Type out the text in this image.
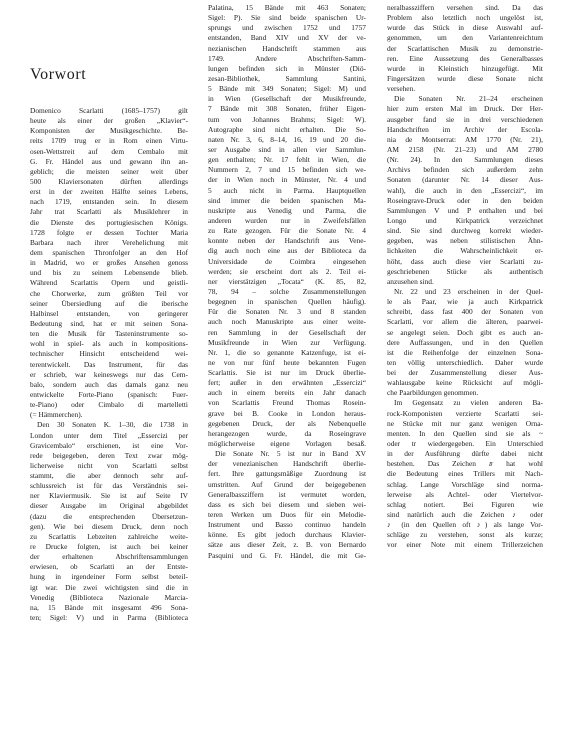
Vorwort
Domenico Scarlatti (1685–1757) gilt
heute als einer der großen „Klavier“-
Komponisten der Musikgeschichte. Be-
reits 1709 trug er in Rom einen Virtu-
osen-Wettstreit auf dem Cembalo mit
G. Fr. Händel aus und gewann ihn an-
geblich; die meisten seiner weit über
500 Klaviersonaten dürften allerdings
erst in der zweiten Hälfte seines Lebens,
nach 1719, entstanden sein. In diesem
Jahr trat Scarlatti als Musiklehrer in
die Dienste des portugiesischen Königs.
1728 folgte er dessen Tochter Maria
Barbara nach ihrer Verehelichung mit
dem spanischen Thronfolger an den Hof
in Madrid, wo er großes Ansehen genoss
und bis zu seinem Lebensende blieb.
Während Scarlattis Opern und geistli-
che Chorwerke, zum größten Teil vor
seiner Übersiedlung auf die iberische
Halbinsel entstanden, von geringerer
Bedeutung sind, hat er mit seinen Sona-
ten die Musik für Tasteninstrumente so-
wohl in spiel- als auch in kompositions-
technischer Hinsicht entscheidend wei-
terentwickelt. Das Instrument, für das
er schrieb, war keineswegs nur das Cem-
balo, sondern auch das damals ganz neu
entwickelte Forte-Piano (spanisch: Fuer-
te-Piano) oder Cimbalo di martelletti
(= Hämmerchen).
Den 30 Sonaten K. 1–30, die 1738 in
London unter dem Titel „Essercizi per
Gravicembalo“ erschienen, ist eine Vor-
rede beigegeben, deren Text zwar mög-
licherweise nicht von Scarlatti selbst
stammt, die aber dennoch sehr auf-
schlussreich ist für das Verständnis sei-
ner Klaviermusik. Sie ist auf Seite IV
dieser Ausgabe im Original abgebildet
(dazu die entsprechenden Übersetzun-
gen). Wie bei diesem Druck, denn noch
zu Scarlattis Lebzeiten zahlreiche weite-
re Drucke folgten, ist auch bei keiner
der erhaltenen Abschriftensammlungen
erwiesen, ob Scarlatti an der Entste-
hung in irgendeiner Form selbst beteil-
igt war. Die zwei wichtigsten sind die in
Venedig (Biblioteca Nazionale Marcia-
na, 15 Bände mit insgesamt 496 Sona-
ten; Sigel: V) und in Parma (Biblioteca
Palatina, 15 Bände mit 463 Sonaten;
Sigel: P). Sie sind beide spanischen Ur-
sprungs und zwischen 1752 und 1757
entstanden, Band XIV und XV der ve-
nezianischen Handschrift stammen aus
1749. Andere Abschriften-Samm-
lungen befinden sich in Münster (Diö-
zesan-Bibliothek, Sammlung Santini,
5 Bände mit 349 Sonaten; Sigel: M) und
in Wien (Gesellschaft der Musikfreunde,
7 Bände mit 308 Sonaten, früher Eigen-
tum von Johannes Brahms; Sigel: W).
Autographe sind nicht erhalten. Die So-
naten Nr. 3, 6, 8–14, 16, 19 und 20 die-
ser Ausgabe sind in allen vier Sammlun-
gen enthalten; Nr. 17 fehlt in Wien, die
Nummern 2, 7 und 15 befinden sich we-
der in Wien noch in Münster, Nr. 4 und
5 auch nicht in Parma. Hauptquellen
sind immer die beiden spanischen Ma-
nuskripte aus Venedig und Parma, die
anderen wurden nur in Zweifelsfällen
zu Rate gezogen. Für die Sonate Nr. 4
konnte neben der Handschrift aus Vene-
dig auch noch eine aus der Biblioteca da
Universidade de Coimbra eingesehen
werden; sie erscheint dort als 2. Teil ei-
ner vierstätzigen „Tocata“ (K. 85, 82,
78, 94 – solche Zusammenstellungen
begegnen in spanischen Quellen häufig).
Für die Sonaten Nr. 3 und 8 standen
auch noch Manuskripte aus einer weite-
ren Sammlung in der Gesellschaft der
Musikfreunde in Wien zur Verfügung.
Nr. 1, die so genannte Katzenfuge, ist ei-
ne von nur fünf heute bekannten Fugen
Scarlattis. Sie ist nur im Druck überlie-
fert; außer in den erwähnten „Essercizi“
auch in einem bereits ein Jahr danach
von Scarlattis Freund Thomas Rosein-
grave bei B. Cooke in London heraus-
gegebenen Druck, der als Nebenquelle
herangezogen wurde, da Roseingrave
möglicherweise eigene Vorlagen besaß.
Die Sonate Nr. 5 ist nur in Band XV
der venezianischen Handschrift überlie-
fert. Ihre gattungsmäßige Zuordnung ist
umstritten. Auf Grund der beigegebenen
Generalbassziffern ist vermutet worden,
dass es sich bei diesem und sieben wei-
teren Werken um Duos für ein Melodie-
Instrument und Basso continuo handeln
könne. Es gibt jedoch durchaus Klavier-
sätze aus dieser Zeit, z. B. von Bernardo
Pasquini und G. Fr. Händel, die mit Ge-
neralbassziffern versehen sind. Da das
Problem also letztlich noch ungelöst ist,
wurde das Stück in diese Auswahl auf-
genommen, um den Variantenreichtum
der Scarlattischen Musik zu demonstrie-
ren. Eine Aussetzung des Generalbasses
wurde in Kleinstich hinzugefügt. Mit
Fingersätzen wurde diese Sonate nicht
versehen.
Die Sonaten Nr. 21–24 erscheinen
hier zum ersten Mal im Druck. Der Her-
ausgeber fand sie in drei verschiedenen
Handschriften im Archiv der Escola-
nia de Montserrat: AM 1770 (Nr. 21),
AM 2158 (Nr. 21–23) und AM 2780
(Nr. 24). In den Sammlungen dieses
Archivs befinden sich außerdem zehn
Sonaten (darunter Nr. 14 dieser Aus-
wahl), die auch in den „Essercizi“, im
Roseingrave-Druck oder in den beiden
Sammlungen V und P enthalten und bei
Longo und Kirkpatrick verzeichnet
sind. Sie sind durchweg korrekt wieder-
gegeben, was neben stilistischen Ähn-
lichkeiten die Wahrscheinlichkeit er-
höht, dass auch diese vier Scarlatti zu-
geschriebenen Stücke als authentisch
anzusehen sind.
Nr. 22 und 23 erscheinen in der Quel-
le als Paar, wie ja auch Kirkpatrick
schreibt, dass fast 400 der Sonaten von
Scarlatti, vor allem die älteren, paarwei-
se angelegt seien. Doch gibt es auch an-
dere Auffassungen, und in den Quellen
ist die Reihenfolge der einzelnen Sona-
ten völlig unterschiedlich. Daher wurde
bei der Zusammenstellung dieser Aus-
wahlausgabe keine Rücksicht auf mögli-
che Paarbildungen genommen.
Im Gegensatz zu vielen anderen Ba-
rock-Komponisten verzierte Scarlatti sei-
ne Stücke mit nur ganz wenigen Orna-
menten. In den Quellen sind sie als ~
oder tr wiedergegeben. Ein Unterschied
in der Ausführung dürfte dabei nicht
bestehen. Das Zeichen 𝆖 hat wohl
die Bedeutung eines Trillers mit Nach-
schlag. Lange Vorschläge sind norma-
lerweise als Achtel- oder Viertelvor-
schlag notiert. Bei Figuren wie
sind natürlich auch die Zeichen ♪ oder
♪ (in den Quellen oft ♪) als lange Vor-
schläge zu verstehen, sonst als kurze;
vor einer Note mit einem Trillerzeichen
